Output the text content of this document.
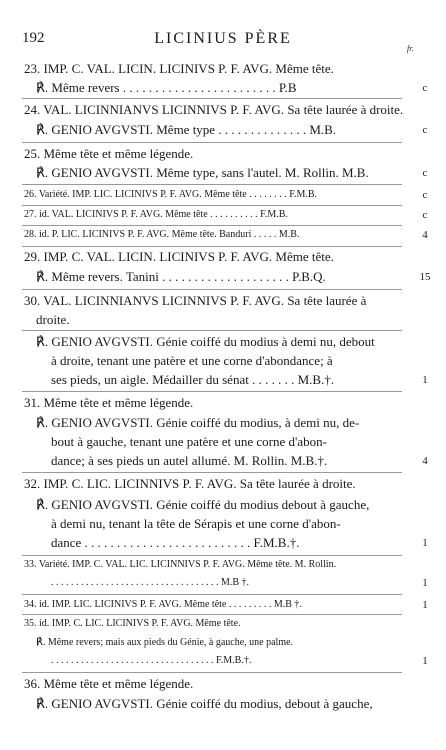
192	LICINIUS PÈRE
fr.
23. IMP. C. VAL. LICIN. LICINIVS P. F. AVG. Même tête.
℟. Même revers . . . . . . . . . . . . . . . . . . . . . . . . P.B	c
24. VAL. LICINNIANVS LICINNIVS P. F. AVG. Sa tête laurée à droite.
℟. GENIO AVGVSTI. Même type . . . . . . . . . . . . . . M.B.	c
25. Même tête et même légende.
℟. GENIO AVGVSTI. Même type, sans l'autel. M. Rollin. M.B.	c
26. Variété. IMP. LIC. LICINIVS P. F. AVG. Même tête . . . . . . . . F.M.B.	c
27. id. VAL. LICINIVS P. F. AVG. Même tête . . . . . . . . . . F.M.B.	c
28. id. P. LIC. LICINIVS P. F. AVG. Même tête. Banduri . . . . . M.B.	4
29. IMP. C. VAL. LICIN. LICINIVS P. F. AVG. Même tête.
℟. Même revers. Tanini . . . . . . . . . . . . . . . . . . . . P.B.Q.	15
30. VAL. LICINNIANVS LICINNIVS P. F. AVG. Sa tête laurée à
droite.
℟. GENIO AVGVSTI. Génie coiffé du modius à demi nu, debout
à droite, tenant une patère et une corne d'abondance; à
ses pieds, un aigle. Médailler du sénat . . . . . . . M.B.†.	1
31. Même tête et même légende.
℟. GENIO AVGVSTI. Génie coiffé du modius, à demi nu, de-
bout à gauche, tenant une patère et une corne d'abon-
dance; à ses pieds un autel allumé. M. Rollin. M.B.†.	4
32. IMP. C. LIC. LICINNIVS P. F. AVG. Sa tête laurée à droite.
℟. GENIO AVGVSTI. Génie coiffé du modius debout à gauche,
à demi nu, tenant la tête de Sérapis et une corne d'abon-
dance . . . . . . . . . . . . . . . . . . . . . . . . . . F.M.B.†.	1
33. Variété. IMP. C. VAL. LIC. LICINNIVS P. F. AVG. Même tête. M. Rollin.
. . . . . . . . . . . . . . . . . . . . . . . . . . . . . . . . . . M.B †.	1
34. id. IMP. LIC. LICINIVS P. F. AVG. Même tête . . . . . . . . . M.B †.	1
35. id. IMP. C. LIC. LICINIVS P. F. AVG. Même tête.
℟. Même revers; mais aux pieds du Génie, à gauche, une palme.
. . . . . . . . . . . . . . . . . . . . . . . . . . . . . . . . . F.M.B.†.	1
36. Même tête et même légende.
℟. GENIO AVGVSTI. Génie coiffé du modius, debout à gauche,
